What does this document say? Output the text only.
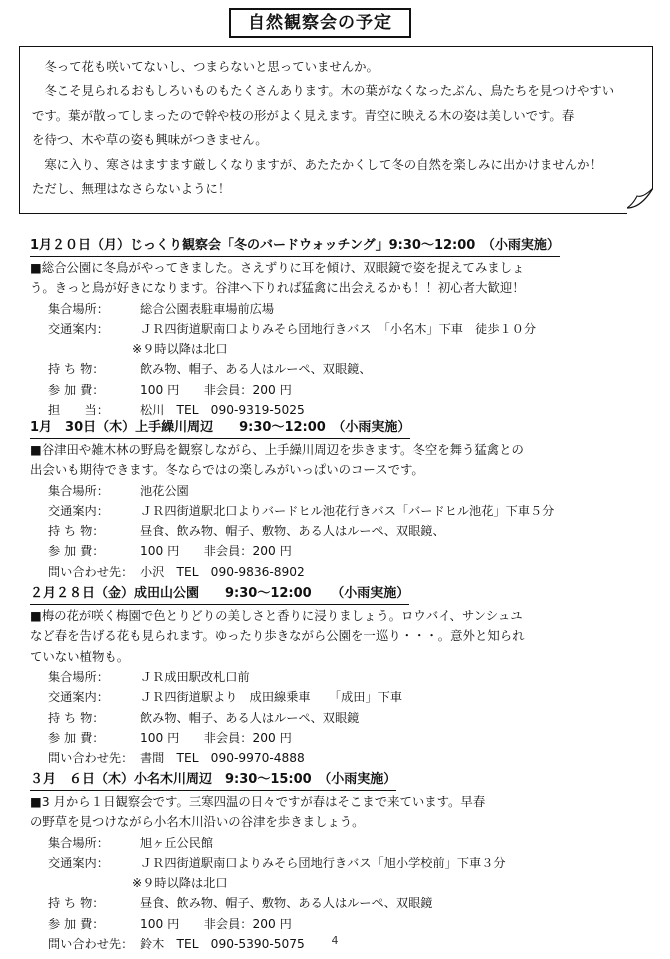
自然観察会の予定

冬って花も咲いてないし、つまらないと思っていませんか。

冬こそ見られるおもしろいものもたくさんあります。木の葉がなくなったぶん、鳥たちを見つけやすい

です。葉が散ってしまったので幹や枝の形がよく見えます。青空に映える木の姿は美しいです。春

を待つ、木や草の姿も興味がつきません。

寒に入り、寒さはますます厳しくなりますが、あたたかくして冬の自然を楽しみに出かけませんか！

ただし、無理はなさらないように！

1月２０日（月）じっくり観察会「冬のバードウォッチング」9:30～12:00　（小雨実施）
■総合公園に冬鳥がやってきました。さえずりに耳を傾け、双眼鏡で姿を捉えてみましょ
う。きっと鳥が好きになります。谷津へ下りれば猛禽に出会えるかも！！初心者大歓迎！
集合場所：	総合公園表駐車場前広場
交通案内：	ＪＲ四街道駅南口よりみそら団地行きバス　「小名木」下車　徒歩１０分
※９時以降は北口
持 ち 物：	飲み物、帽子、ある人はルーペ、双眼鏡、
参 加 費：	100 円　　非会員：200 円
担　　当：	松川　TEL　090-9319-5025
1月　30日（木）上手繰川周辺　　9:30～12:00　（小雨実施）
■谷津田や雑木林の野鳥を観察しながら、上手繰川周辺を歩きます。冬空を舞う猛禽との
出会いも期待できます。冬ならではの楽しみがいっぱいのコースです。
集合場所：	池花公園
交通案内：	ＪＲ四街道駅北口よりバードヒル池花行きバス「バードヒル池花」下車５分
持 ち 物：	昼食、飲み物、帽子、敷物、ある人はルーペ、双眼鏡、
参 加 費：	100 円　　非会員：200 円
問い合わせ先： 小沢　TEL　090-9836-8902
２月２８日（金）成田山公園　　9:30～12:00　　（小雨実施）
■梅の花が咲く梅園で色とりどりの美しさと香りに浸りましょう。ロウバイ、サンシュユ
など春を告げる花も見られます。ゆったり歩きながら公園を一巡り・・・。意外と知られ
ていない植物も。
集合場所：	ＪＲ成田駅改札口前
交通案内：	ＪＲ四街道駅より　成田線乗車　　「成田」下車
持 ち 物：	飲み物、帽子、ある人はルーペ、双眼鏡
参 加 費：	100 円　　非会員：200 円
問い合わせ先： 書間　TEL　090-9970-4888
３月　６日（木）小名木川周辺　9:30～15:00　（小雨実施）
■3 月から１日観察会です。三寒四温の日々ですが春はそこまで来ています。早春
の野草を見つけながら小名木川沿いの谷津を歩きましょう。
集合場所：	旭ヶ丘公民館
交通案内：	ＪＲ四街道駅南口よりみそら団地行きバス「旭小学校前」下車３分
※９時以降は北口
持 ち 物：	昼食、飲み物、帽子、敷物、ある人はルーペ、双眼鏡
参 加 費：	100 円　　非会員：200 円
問い合わせ先： 鈴木　TEL　090-5390-5075	4
